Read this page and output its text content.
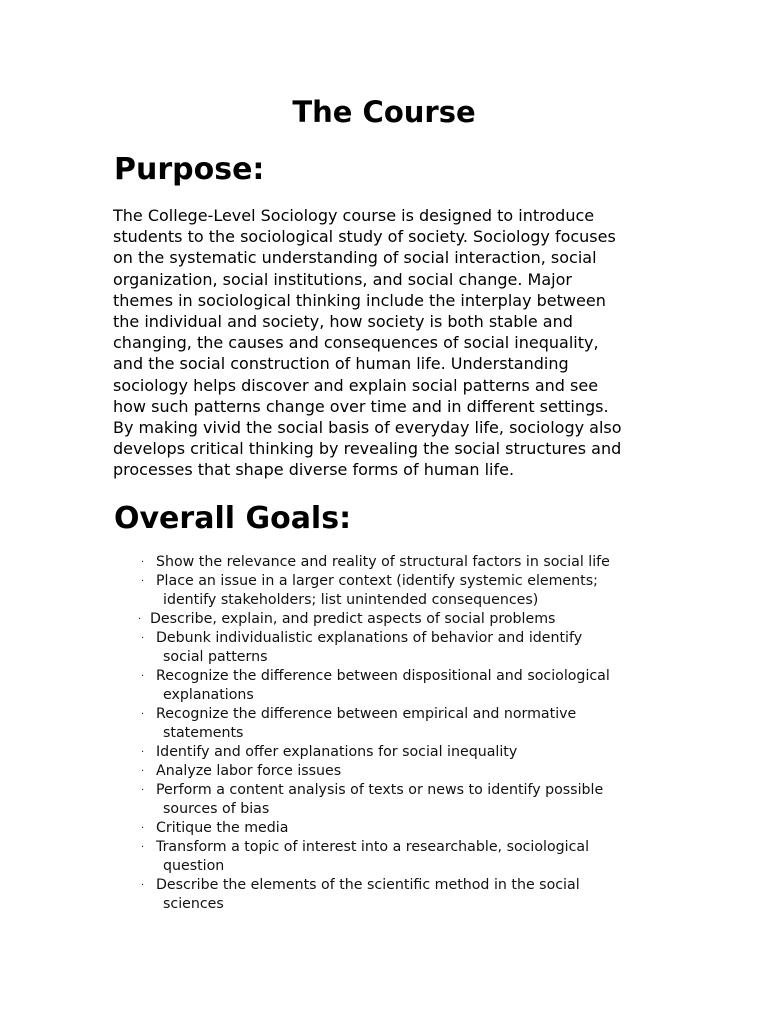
The Course
Purpose:
The College-Level Sociology course is designed to introduce
students to the sociological study of society. Sociology focuses
on the systematic understanding of social interaction, social
organization, social institutions, and social change. Major
themes in sociological thinking include the interplay between
the individual and society, how society is both stable and
changing, the causes and consequences of social inequality,
and the social construction of human life. Understanding
sociology helps discover and explain social patterns and see
how such patterns change over time and in different settings.
By making vivid the social basis of everyday life, sociology also
develops critical thinking by revealing the social structures and
processes that shape diverse forms of human life.
Overall Goals:
· Show the relevance and reality of structural factors in social life
· Place an issue in a larger context (identify systemic elements;
identify stakeholders; list unintended consequences)
· Describe, explain, and predict aspects of social problems
· Debunk individualistic explanations of behavior and identify
social patterns
· Recognize the difference between dispositional and sociological
explanations
· Recognize the difference between empirical and normative
statements
· Identify and offer explanations for social inequality
· Analyze labor force issues
· Perform a content analysis of texts or news to identify possible
sources of bias
· Critique the media
· Transform a topic of interest into a researchable, sociological
question
· Describe the elements of the scientific method in the social
sciences
